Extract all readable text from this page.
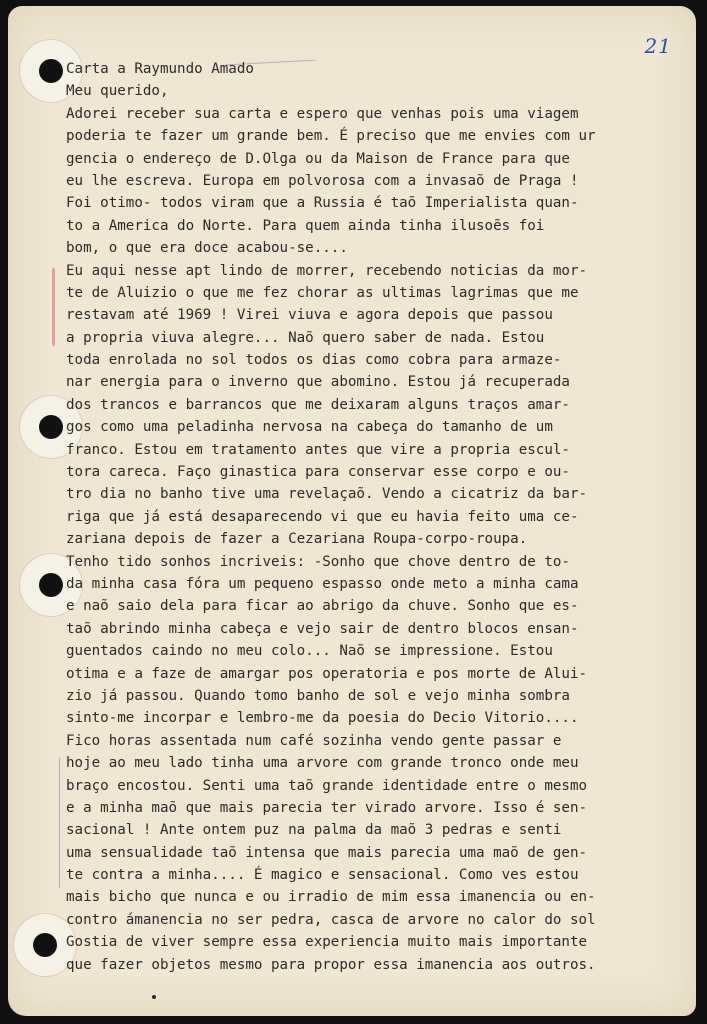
21
Carta a Raymundo Amado
Meu querido,
Adorei receber sua carta e espero que venhas pois uma viagem
poderia te fazer um grande bem. É preciso que me envies com ur
gencia o endereço de D.Olga ou da Maison de France para que
eu lhe escreva. Europa em polvorosa com a invasaõ de Praga !
Foi otimo- todos viram que a Russia é taõ Imperialista quan-
to a America do Norte. Para quem ainda tinha ilusoẽs foi
bom, o que era doce acabou-se....
Eu aqui nesse apt lindo de morrer, recebendo noticias da mor-
te de Aluizio o que me fez chorar as ultimas lagrimas que me
restavam até 1969 ! Virei viuva e agora depois que passou
a propria viuva alegre... Naõ quero saber de nada. Estou
toda enrolada no sol todos os dias como cobra para armaze-
nar energia para o inverno que abomino. Estou já recuperada
dos trancos e barrancos que me deixaram alguns traços amar-
gos como uma peladinha nervosa na cabeça do tamanho de um
franco. Estou em tratamento antes que vire a propria escul-
tora careca. Faço ginastica para conservar esse corpo e ou-
tro dia no banho tive uma revelaçaõ. Vendo a cicatriz da bar-
riga que já está desaparecendo vi que eu havia feito uma ce-
zariana depois de fazer a Cezariana Roupa-corpo-roupa.
Tenho tido sonhos incriveis: -Sonho que chove dentro de to-
da minha casa fóra um pequeno espasso onde meto a minha cama
e naõ saio dela para ficar ao abrigo da chuve. Sonho que es-
taõ abrindo minha cabeça e vejo sair de dentro blocos ensan-
guentados caindo no meu colo... Naõ se impressione. Estou
otima e a faze de amargar pos operatoria e pos morte de Alui-
zio já passou. Quando tomo banho de sol e vejo minha sombra
sinto-me incorpar e lembro-me da poesia do Decio Vitorio....
Fico horas assentada num café sozinha vendo gente passar e
hoje ao meu lado tinha uma arvore com grande tronco onde meu
braço encostou. Senti uma taõ grande identidade entre o mesmo
e a minha maõ que mais parecia ter virado arvore. Isso é sen-
sacional ! Ante ontem puz na palma da maõ 3 pedras e senti
uma sensualidade taõ intensa que mais parecia uma maõ de gen-
te contra a minha.... É magico e sensacional. Como ves estou
mais bicho que nunca e ou irradio de mim essa imanencia ou en-
contro ámanencia no ser pedra, casca de arvore no calor do sol
Gostia de viver sempre essa experiencia muito mais importante
que fazer objetos mesmo para propor essa imanencia aos outros.
